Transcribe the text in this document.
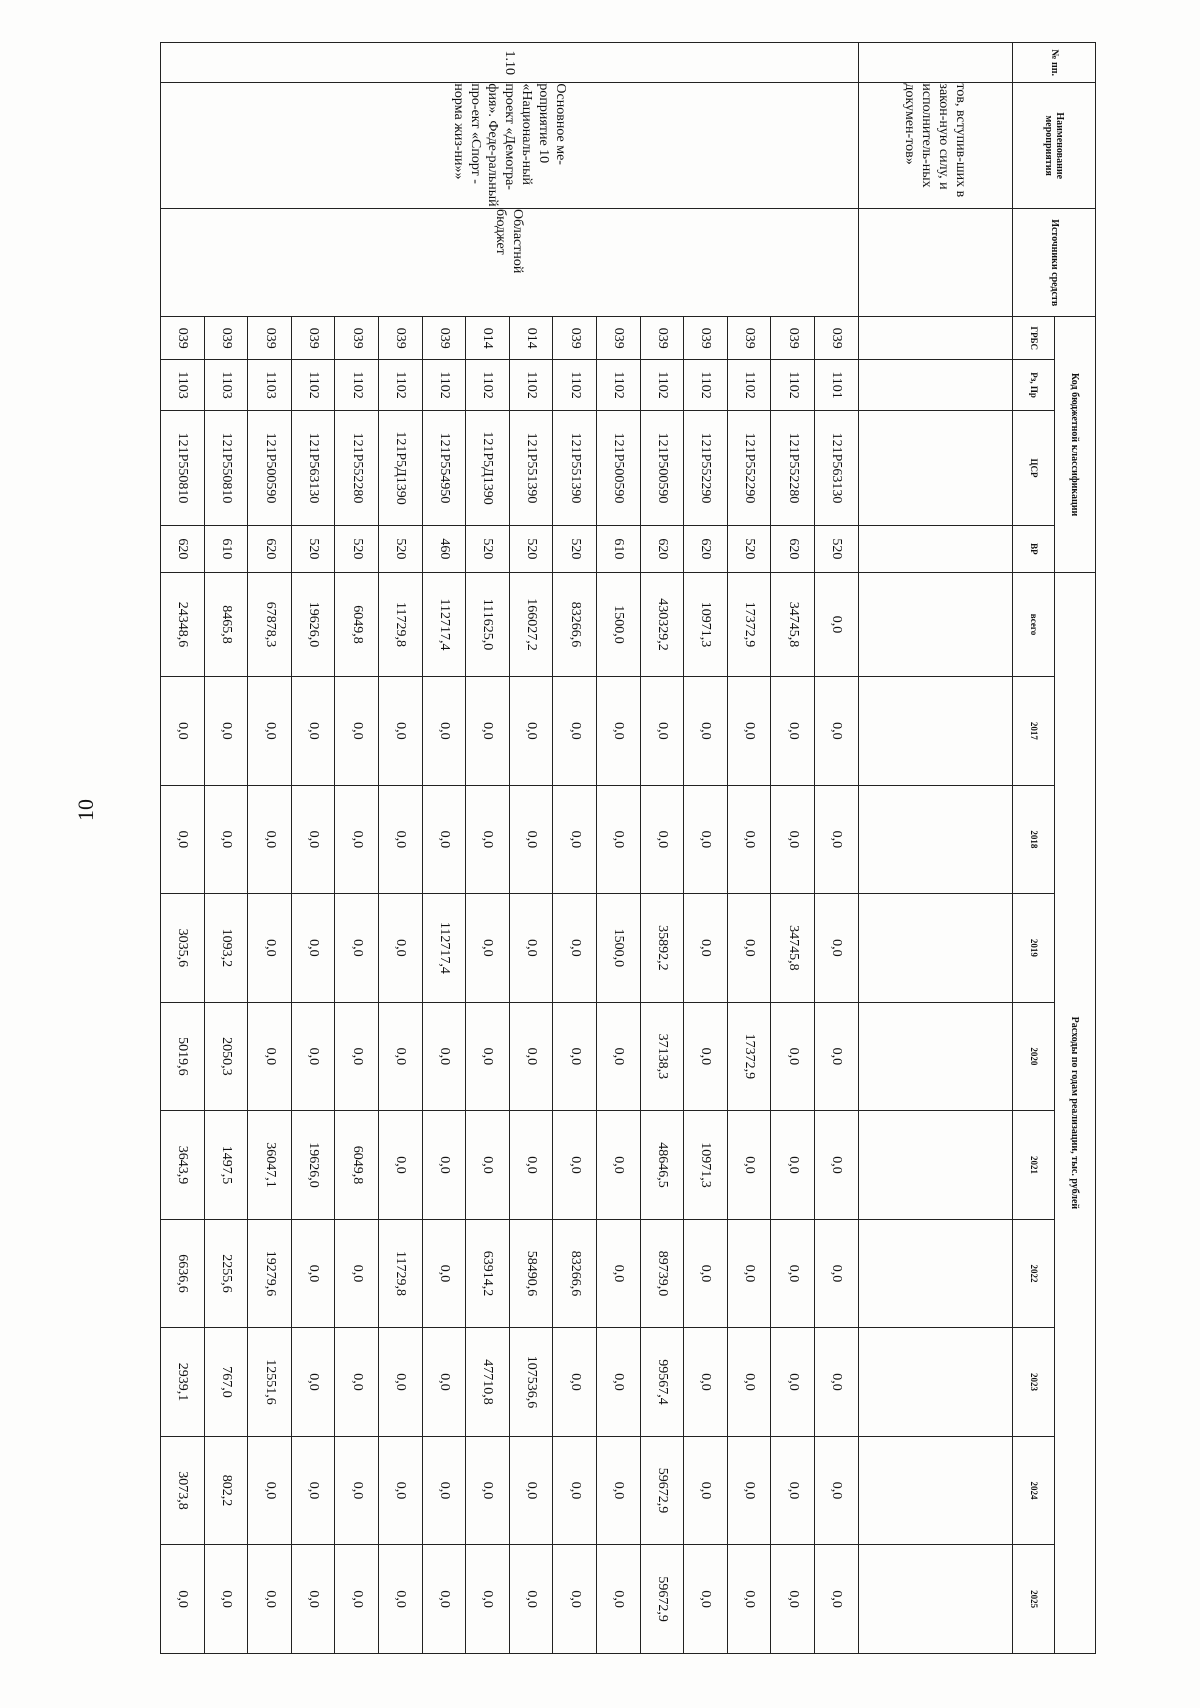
10
№ пп.	Наименование мероприятия	Источники средств	Код бюджетной классификации				Расходы по годам реализации, тыс. рублей									
			ГРБС	Рз, Пр	ЦСР	ВР	всего	2017	2018	2019	2020	2021	2022	2023	2024	2025
	тов, вступив-шиx в закон-ную силу, и исполнитель-ных докумен-тов»															
1.10	Основное ме-роприятие 10 «Националь-ный проект «Демогра-фия». Феде-ральный про-ект «Спорт - норма жиз-ни»»	Областной бюджет	039	1101	121P563130	520	0,0	0,0	0,0	0,0	0,0	0,0	0,0	0,0	0,0	0,0
			039	1102	121P552280	620	34745,8	0,0	0,0	34745,8	0,0	0,0	0,0	0,0	0,0	0,0
			039	1102	121P552290	520	17372,9	0,0	0,0	0,0	17372,9	0,0	0,0	0,0	0,0	0,0
			039	1102	121P552290	620	10971,3	0,0	0,0	0,0	0,0	10971,3	0,0	0,0	0,0	0,0
			039	1102	121P500590	620	430329,2	0,0	0,0	35892,2	37138,3	48646,5	89739,0	99567,4	59672,9	59672,9
			039	1102	121P500590	610	1500,0	0,0	0,0	1500,0	0,0	0,0	0,0	0,0	0,0	0,0
			039	1102	121P551390	520	83266,6	0,0	0,0	0,0	0,0	0,0	83266,6	0,0	0,0	0,0
			014	1102	121P551390	520	166027,2	0,0	0,0	0,0	0,0	0,0	58490,6	107536,6	0,0	0,0
			014	1102	121P5Д1390	520	111625,0	0,0	0,0	0,0	0,0	0,0	63914,2	47710,8	0,0	0,0
			039	1102	121P554950	460	112717,4	0,0	0,0	112717,4	0,0	0,0	0,0	0,0	0,0	0,0
			039	1102	121P5Д1390	520	11729,8	0,0	0,0	0,0	0,0	0,0	11729,8	0,0	0,0	0,0
			039	1102	121P552280	520	6049,8	0,0	0,0	0,0	0,0	6049,8	0,0	0,0	0,0	0,0
			039	1102	121P563130	520	19626,0	0,0	0,0	0,0	0,0	19626,0	0,0	0,0	0,0	0,0
			039	1103	121P500590	620	67878,3	0,0	0,0	0,0	0,0	36047,1	19279,6	12551,6	0,0	0,0
			039	1103	121P550810	610	8465,8	0,0	0,0	1093,2	2050,3	1497,5	2255,6	767,0	802,2	0,0
			039	1103	121P550810	620	24348,6	0,0	0,0	3035,6	5019,6	3643,9	6636,6	2939,1	3073,8	0,0
